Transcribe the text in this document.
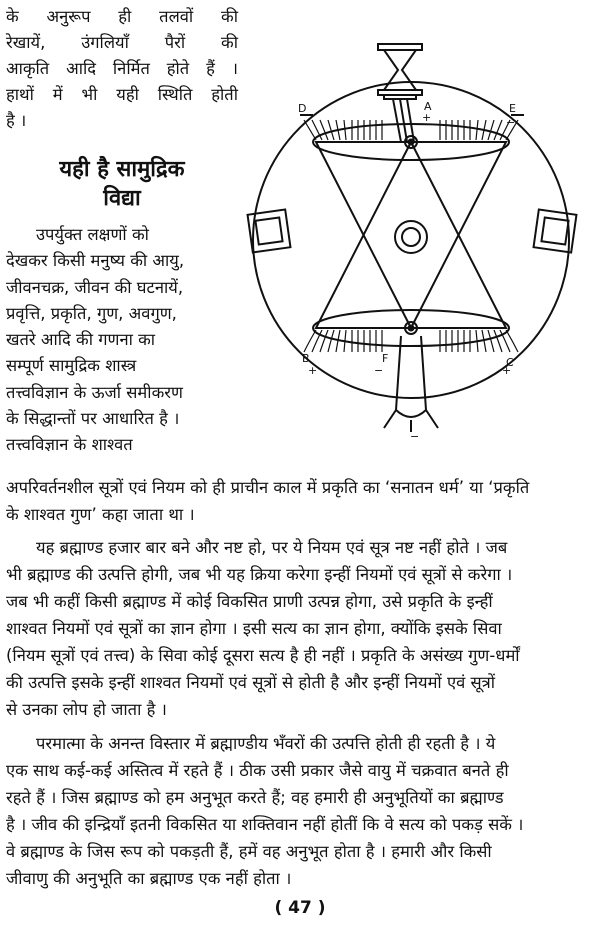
के अनुरूप ही तलवों की

रेखायें, उंगलियाँ पैरों की

आकृति आदि निर्मित होते हैं ।

हाथों में भी यही स्थिति होती

है ।

यही है सामुद्रिक
विद्या
उपर्युक्त लक्षणों को
देखकर किसी मनुष्य की आयु,
जीवनचक्र, जीवन की घटनायें,
प्रवृत्ति, प्रकृति, गुण, अवगुण,
खतरे आदि की गणना का
सम्पूर्ण सामुद्रिक शास्त्र
तत्त्वविज्ञान के ऊर्जा समीकरण
के सिद्धान्तों पर आधारित है ।
तत्त्वविज्ञान के शाश्वत
D	A
+
E
−
B
+
F
−
C
+
−
अपरिवर्तनशील सूत्रों एवं नियम को ही प्राचीन काल में प्रकृति का ‘सनातन धर्म’ या ‘प्रकृति
के शाश्वत गुण’ कहा जाता था ।
यह ब्रह्माण्ड हजार बार बने और नष्ट हो, पर ये नियम एवं सूत्र नष्ट नहीं होते । जब
भी ब्रह्माण्ड की उत्पत्ति होगी, जब भी यह क्रिया करेगा इन्हीं नियमों एवं सूत्रों से करेगा ।
जब भी कहीं किसी ब्रह्माण्ड में कोई विकसित प्राणी उत्पन्न होगा, उसे प्रकृति के इन्हीं
शाश्वत नियमों एवं सूत्रों का ज्ञान होगा । इसी सत्य का ज्ञान होगा, क्योंकि इसके सिवा
(नियम सूत्रों एवं तत्त्व) के सिवा कोई दूसरा सत्य है ही नहीं । प्रकृति के असंख्य गुण-धर्मों
की उत्पत्ति इसके इन्हीं शाश्वत नियमों एवं सूत्रों से होती है और इन्हीं नियमों एवं सूत्रों
से उनका लोप हो जाता है ।
परमात्मा के अनन्त विस्तार में ब्रह्माण्डीय भँवरों की उत्पत्ति होती ही रहती है । ये
एक साथ कई-कई अस्तित्व में रहते हैं । ठीक उसी प्रकार जैसे वायु में चक्रवात बनते ही
रहते हैं । जिस ब्रह्माण्ड को हम अनुभूत करते हैं; वह हमारी ही अनुभूतियों का ब्रह्माण्ड
है । जीव की इन्द्रियाँ इतनी विकसित या शक्तिवान नहीं होतीं कि वे सत्य को पकड़ सकें ।
वे ब्रह्माण्ड के जिस रूप को पकड़ती हैं, हमें वह अनुभूत होता है । हमारी और किसी
जीवाणु की अनुभूति का ब्रह्माण्ड एक नहीं होता ।
( 47 )
